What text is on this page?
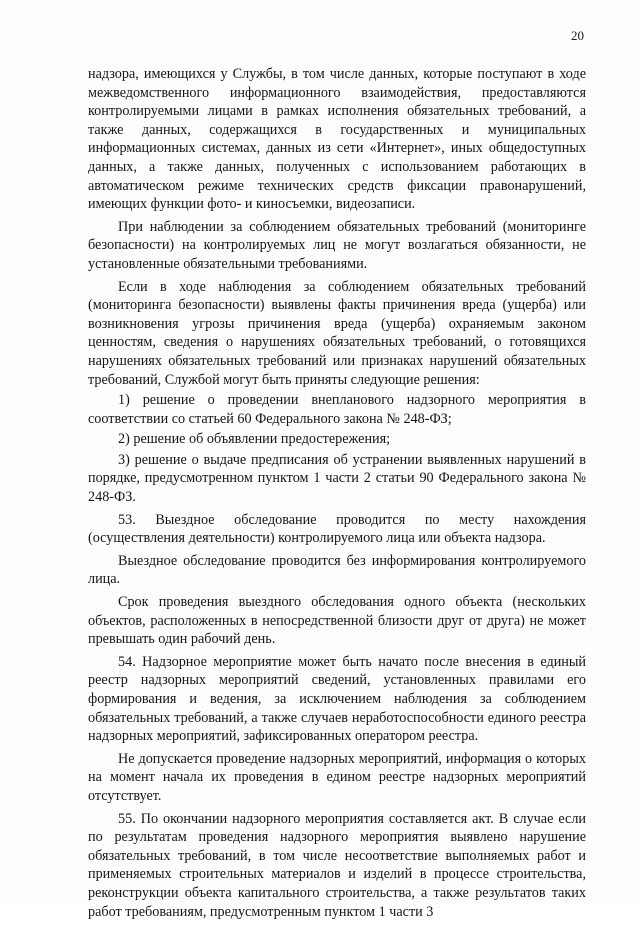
20

надзора, имеющихся у Службы, в том числе данных, которые поступают в ходе межведомственного информационного взаимодействия, предоставляются контролируемыми лицами в рамках исполнения обязательных требований, а также данных, содержащихся в государственных и муниципальных информационных системах, данных из сети «Интернет», иных общедоступных данных, а также данных, полученных с использованием работающих в автоматическом режиме технических средств фиксации правонарушений, имеющих функции фото- и киносъемки, видеозаписи.

При наблюдении за соблюдением обязательных требований (мониторинге безопасности) на контролируемых лиц не могут возлагаться обязанности, не установленные обязательными требованиями.

Если в ходе наблюдения за соблюдением обязательных требований (мониторинга безопасности) выявлены факты причинения вреда (ущерба) или возникновения угрозы причинения вреда (ущерба) охраняемым законом ценностям, сведения о нарушениях обязательных требований, о готовящихся нарушениях обязательных требований или признаках нарушений обязательных требований, Службой могут быть приняты следующие решения:

1) решение о проведении внепланового надзорного мероприятия в соответствии со статьей 60 Федерального закона № 248-ФЗ;

2) решение об объявлении предостережения;

3) решение о выдаче предписания об устранении выявленных нарушений в порядке, предусмотренном пунктом 1 части 2 статьи 90 Федерального закона № 248-ФЗ.

53. Выездное обследование проводится по месту нахождения (осуществления деятельности) контролируемого лица или объекта надзора.

Выездное обследование проводится без информирования контролируемого лица.

Срок проведения выездного обследования одного объекта (нескольких объектов, расположенных в непосредственной близости друг от друга) не может превышать один рабочий день.

54. Надзорное мероприятие может быть начато после внесения в единый реестр надзорных мероприятий сведений, установленных правилами его формирования и ведения, за исключением наблюдения за соблюдением обязательных требований, а также случаев неработоспособности единого реестра надзорных мероприятий, зафиксированных оператором реестра.

Не допускается проведение надзорных мероприятий, информация о которых на момент начала их проведения в едином реестре надзорных мероприятий отсутствует.

55. По окончании надзорного мероприятия составляется акт. В случае если по результатам проведения надзорного мероприятия выявлено нарушение обязательных требований, в том числе несоответствие выполняемых работ и применяемых строительных материалов и изделий в процессе строительства, реконструкции объекта капитального строительства, а также результатов таких работ требованиям, предусмотренным пунктом 1 части 3
